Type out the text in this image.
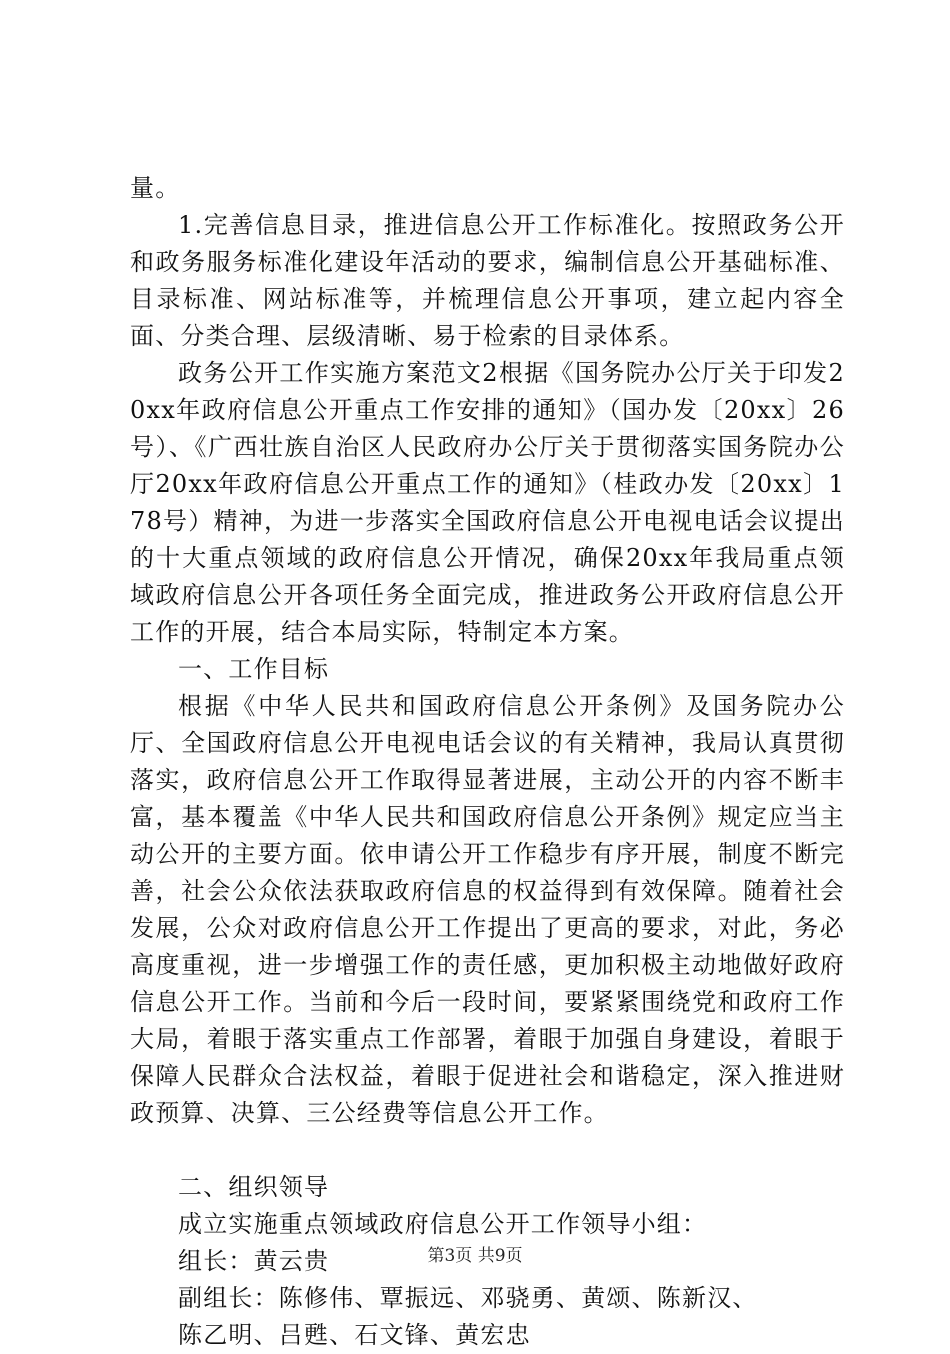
量。

1.完善信息目录，推进信息公开工作标准化。按照政务公开和政务服务标准化建设年活动的要求，编制信息公开基础标准、目录标准、网站标准等，并梳理信息公开事项，建立起内容全面、分类合理、层级清晰、易于检索的目录体系。

政务公开工作实施方案范文2根据《国务院办公厅关于印发20xx年政府信息公开重点工作安排的通知》（国办发〔20xx〕26号）、《广西壮族自治区人民政府办公厅关于贯彻落实国务院办公厅20xx年政府信息公开重点工作的通知》（桂政办发〔20xx〕178号）精神，为进一步落实全国政府信息公开电视电话会议提出的十大重点领域的政府信息公开情况，确保20xx年我局重点领域政府信息公开各项任务全面完成，推进政务公开政府信息公开工作的开展，结合本局实际，特制定本方案。

一、工作目标

根据《中华人民共和国政府信息公开条例》及国务院办公厅、全国政府信息公开电视电话会议的有关精神，我局认真贯彻落实，政府信息公开工作取得显著进展，主动公开的内容不断丰富，基本覆盖《中华人民共和国政府信息公开条例》规定应当主动公开的主要方面。依申请公开工作稳步有序开展，制度不断完善，社会公众依法获取政府信息的权益得到有效保障。随着社会发展，公众对政府信息公开工作提出了更高的要求，对此，务必高度重视，进一步增强工作的责任感，更加积极主动地做好政府信息公开工作。当前和今后一段时间，要紧紧围绕党和政府工作大局，着眼于落实重点工作部署，着眼于加强自身建设，着眼于保障人民群众合法权益，着眼于促进社会和谐稳定，深入推进财政预算、决算、三公经费等信息公开工作。

二、组织领导

成立实施重点领域政府信息公开工作领导小组：

组长：黄云贵

副组长：陈修伟、覃振远、邓骁勇、黄颂、陈新汉、

陈乙明、吕甦、石文锋、黄宏忠

第3页 共9页
